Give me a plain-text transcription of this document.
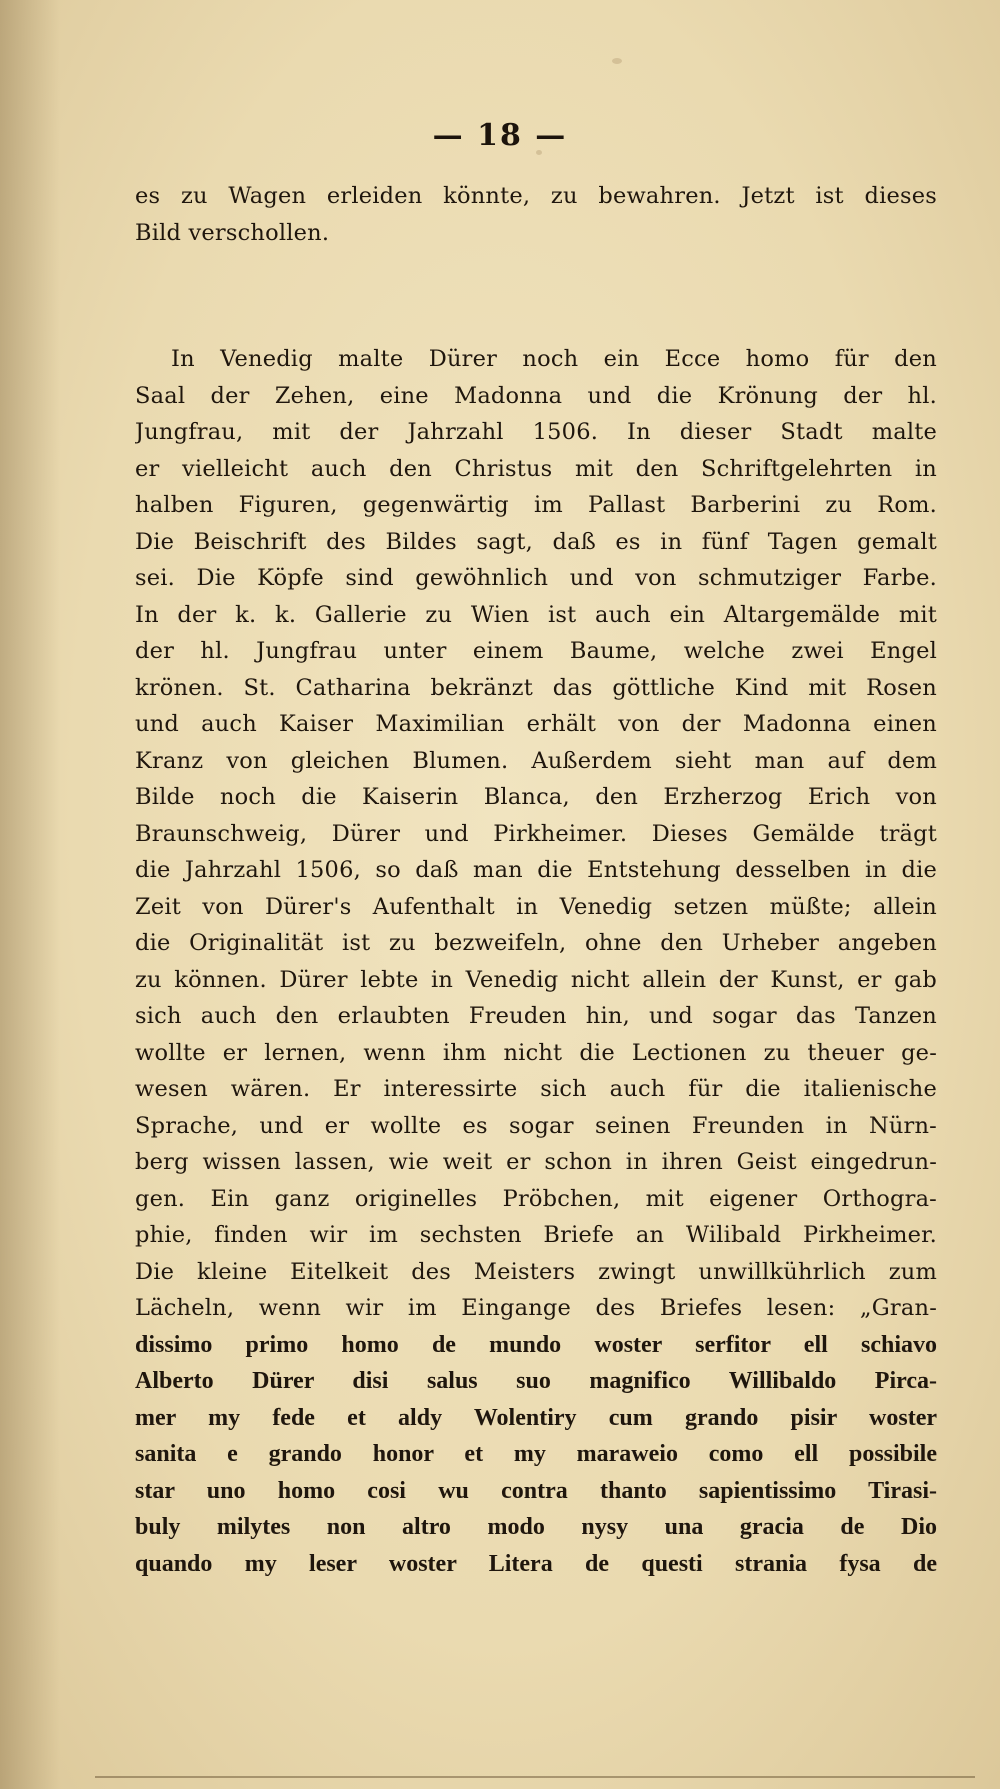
— 18 —
es zu Wagen erleiden könnte, zu bewahren. Jetzt ist dieses
Bild verschollen.
In Venedig malte Dürer noch ein Ecce homo für den
Saal der Zehen, eine Madonna und die Krönung der hl.
Jungfrau, mit der Jahrzahl 1506. In dieser Stadt malte
er vielleicht auch den Christus mit den Schriftgelehrten in
halben Figuren, gegenwärtig im Pallast Barberini zu Rom.
Die Beischrift des Bildes sagt, daß es in fünf Tagen gemalt
sei. Die Köpfe sind gewöhnlich und von schmutziger Farbe.
In der k. k. Gallerie zu Wien ist auch ein Altargemälde mit
der hl. Jungfrau unter einem Baume, welche zwei Engel
krönen. St. Catharina bekränzt das göttliche Kind mit Rosen
und auch Kaiser Maximilian erhält von der Madonna einen
Kranz von gleichen Blumen. Außerdem sieht man auf dem
Bilde noch die Kaiserin Blanca, den Erzherzog Erich von
Braunschweig, Dürer und Pirkheimer. Dieses Gemälde trägt
die Jahrzahl 1506, so daß man die Entstehung desselben in die
Zeit von Dürer's Aufenthalt in Venedig setzen müßte; allein
die Originalität ist zu bezweifeln, ohne den Urheber angeben
zu können. Dürer lebte in Venedig nicht allein der Kunst, er gab
sich auch den erlaubten Freuden hin, und sogar das Tanzen
wollte er lernen, wenn ihm nicht die Lectionen zu theuer ge-
wesen wären. Er interessirte sich auch für die italienische
Sprache, und er wollte es sogar seinen Freunden in Nürn-
berg wissen lassen, wie weit er schon in ihren Geist eingedrun-
gen. Ein ganz originelles Pröbchen, mit eigener Orthogra-
phie, finden wir im sechsten Briefe an Wilibald Pirkheimer.
Die kleine Eitelkeit des Meisters zwingt unwillkührlich zum
Lächeln, wenn wir im Eingange des Briefes lesen: „Gran-
dissimo primo homo de mundo woster serfitor ell schiavo
Alberto Dürer disi salus suo magnifico Willibaldo Pirca-
mer my fede et aldy Wolentiry cum grando pisir woster
sanita e grando honor et my maraweio como ell possibile
star uno homo cosi wu contra thanto sapientissimo Tirasi-
buly milytes non altro modo nysy una gracia de Dio
quando my leser woster Litera de questi strania fysa de
